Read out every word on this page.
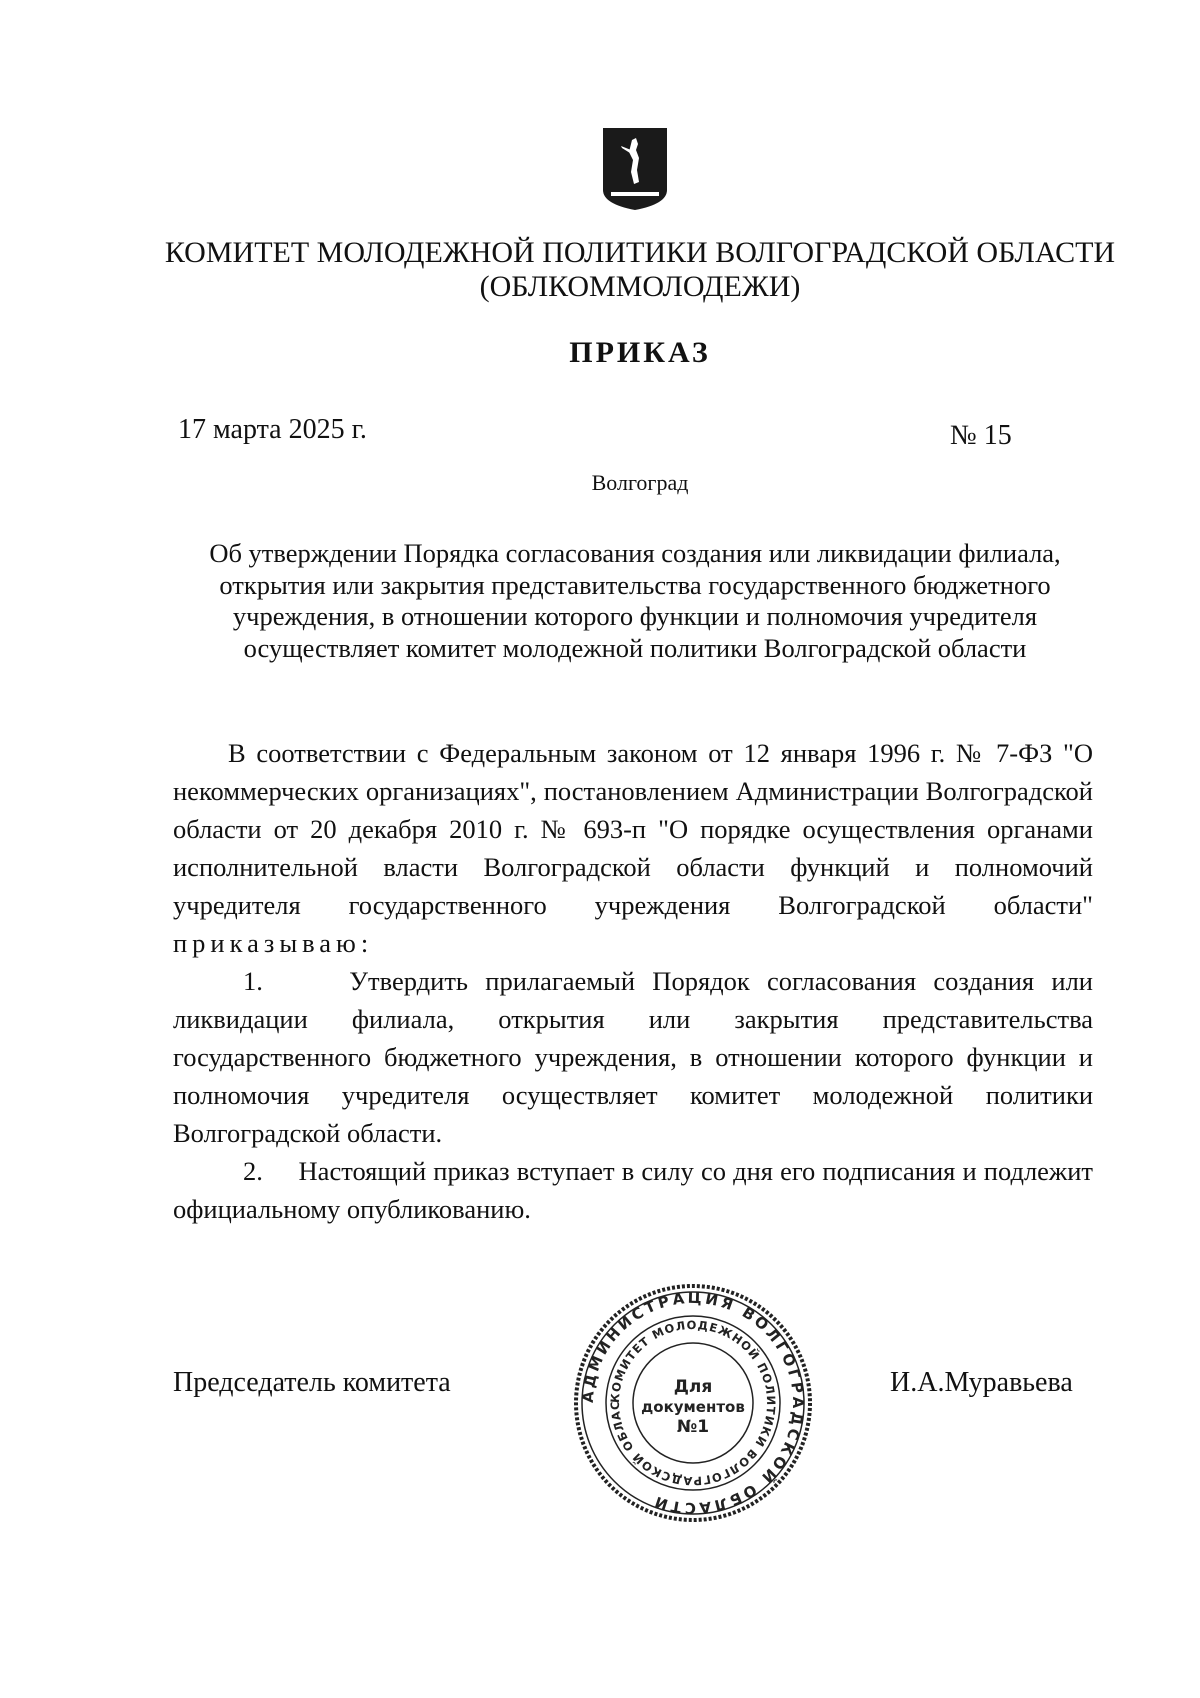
КОМИТЕТ МОЛОДЕЖНОЙ ПОЛИТИКИ ВОЛГОГРАДСКОЙ ОБЛАСТИ
(ОБЛКОММОЛОДЕЖИ)
ПРИКАЗ
17 марта 2025 г.	№ 15
Волгоград
Об утверждении Порядка согласования создания или ликвидации филиала, открытия или закрытия представительства государственного бюджетного учреждения, в отношении которого функции и полномочия учредителя осуществляет комитет молодежной политики Волгоградской области

В соответствии с Федеральным законом от 12 января 1996 г. № 7-ФЗ "О некоммерческих организациях", постановлением Администрации Волгоградской области от 20 декабря 2010 г. № 693-п "О порядке осуществления органами исполнительной власти Волгоградской области функций и полномочий учредителя государственного учреждения Волгоградской области" приказываю:

1.	Утвердить прилагаемый Порядок согласования создания или ликвидации филиала, открытия или закрытия представительства государственного бюджетного учреждения, в отношении которого функции и полномочия учредителя осуществляет комитет молодежной политики Волгоградской области.

2. Настоящий приказ вступает в силу со дня его подписания и подлежит официальному опубликованию.

Председатель комитета	И.А.Муравьева
АДМИНИСТРАЦИЯ ВОЛГОГРАДСКОЙ ОБЛАСТИ
КОМИТЕТ МОЛОДЕЖНОЙ ПОЛИТИКИ ВОЛГОГРАДСКОЙ ОБЛАС
Для
документов
№1
